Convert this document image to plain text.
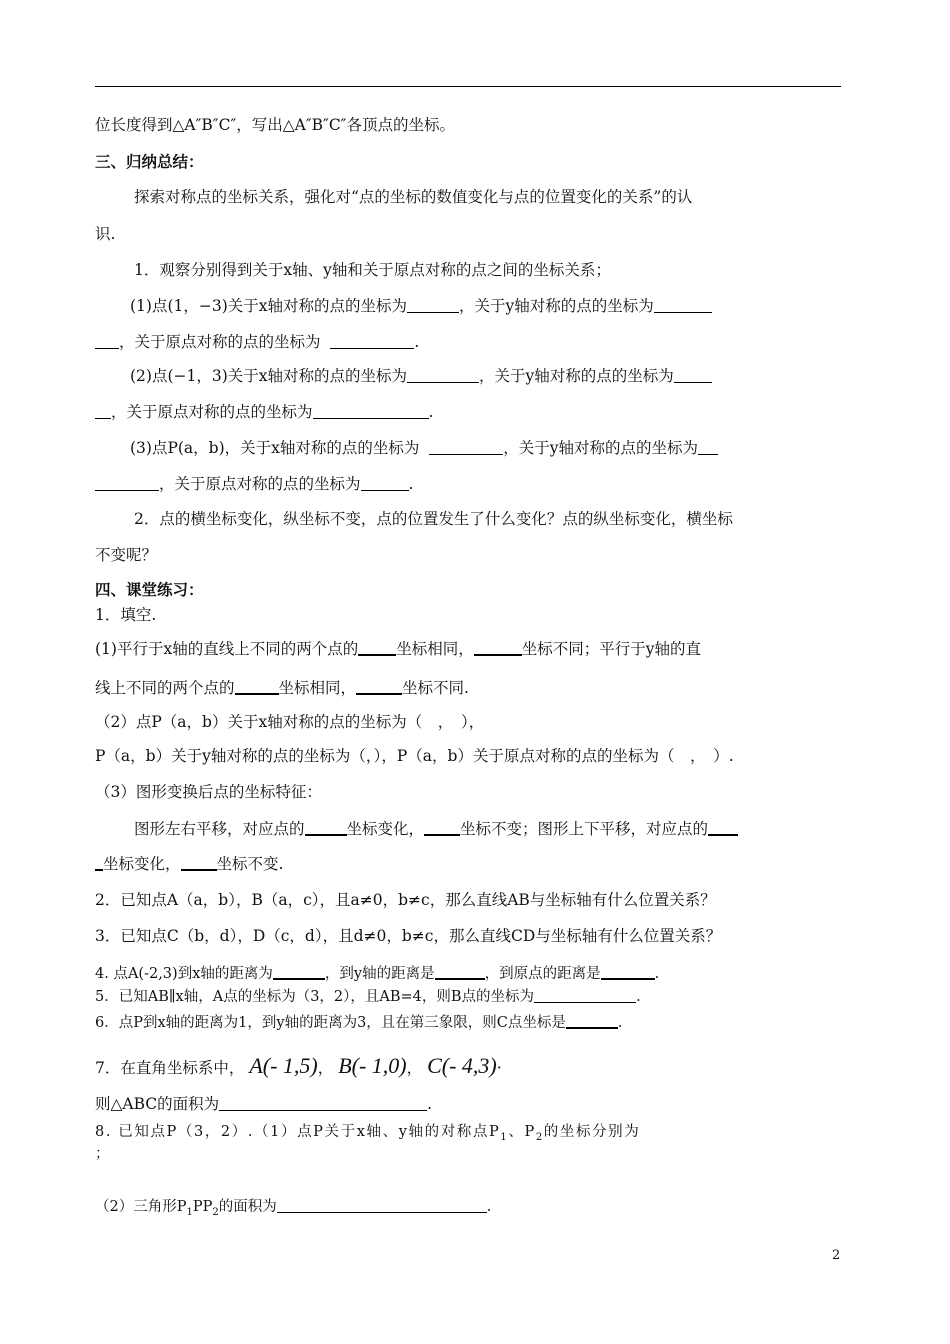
位长度得到△A″B″C″，写出△A″B″C″各顶点的坐标。
三、归纳总结：
探索对称点的坐标关系，强化对“点的坐标的数值变化与点的位置变化的关系”的认
识.
1．观察分别得到关于x轴、y轴和关于原点对称的点之间的坐标关系；
(1)点(1，−3)关于x轴对称的点的坐标为	，关于y轴对称的点的坐标为
，关于原点对称的点的坐标为	.
(2)点(−1，3)关于x轴对称的点的坐标为	，关于y轴对称的点的坐标为
，关于原点对称的点的坐标为	.
(3)点P(a，b)，关于x轴对称的点的坐标为	，关于y轴对称的点的坐标为
，关于原点对称的点的坐标为	.
2．点的横坐标变化，纵坐标不变，点的位置发生了什么变化？点的纵坐标变化，横坐标
不变呢？
四、课堂练习：
1．填空.
(1)平行于x轴的直线上不同的两个点的 坐标相同，	坐标不同；平行于y轴的直
线上不同的两个点的	坐标相同，	坐标不同.
（2）点P（a，b）关于x轴对称的点的坐标为（　，　），
P（a，b）关于y轴对称的点的坐标为（，），P（a，b）关于原点对称的点的坐标为（　，　）.
（3）图形变换后点的坐标特征：
图形左右平移，对应点的	坐标变化， 坐标不变；图形上下平移，对应点的
坐标变化， 坐标不变.
2．已知点A（a，b），B（a，c），且a≠0，b≠c，那么直线AB与坐标轴有什么位置关系？
3．已知点C（b，d），D（c，d），且d≠0，b≠c，那么直线CD与坐标轴有什么位置关系？
4. 点A(-2,3)到x轴的距离为	，到y轴的距离是	，到原点的距离是	.
5．已知AB∥x轴，A点的坐标为（3，2），且AB=4，则B点的坐标为	.
6．点P到x轴的距离为1，到y轴的距离为3，且在第三象限，则C点坐标是	.
7．在直角坐标系中， A(- 1,5)， B(- 1,0)， C(- 4,3)·
则△ABC的面积为	.
8. 已知点P（3，2）.（1）点P关于x轴、y轴的对称点$P_1$、$P_2$的坐标分别为
；
（2）三角形$P_1PP_2$的面积为	.
2
